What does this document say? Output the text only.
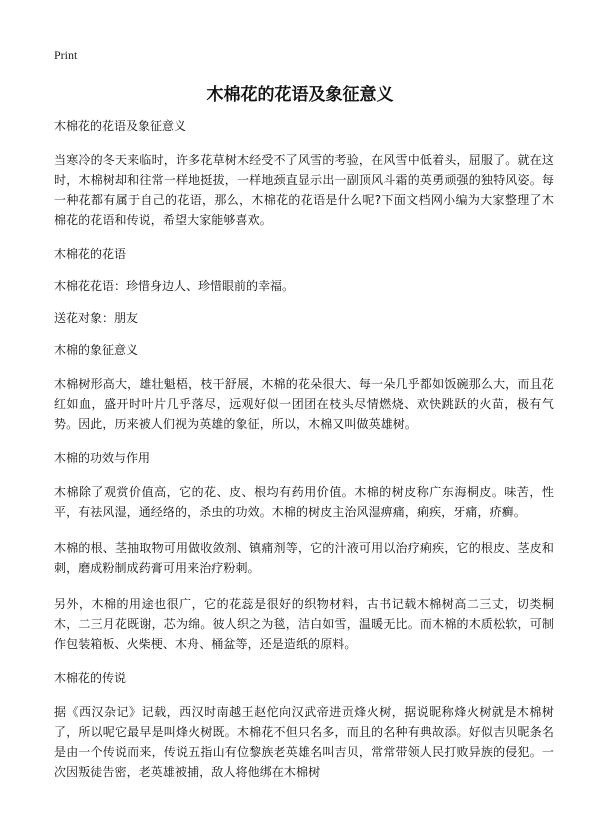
Print
木棉花的花语及象征意义

木棉花的花语及象征意义

当寒冷的冬天来临时，许多花草树木经受不了风雪的考验，在风雪中低着头，屈服了。就在这时，木棉树却和往常一样地挺拔，一样地颈直显示出一副顶风斗霜的英勇顽强的独特风姿。每一种花都有属于自己的花语，那么，木棉花的花语是什么呢?下面文档网小编为大家整理了木棉花的花语和传说，希望大家能够喜欢。

木棉花的花语

木棉花花语：珍惜身边人、珍惜眼前的幸福。

送花对象：朋友

木棉的象征意义

木棉树形高大，雄壮魁梧，枝干舒展，木棉的花朵很大、每一朵几乎都如饭碗那么大，而且花红如血，盛开时叶片几乎落尽，远观好似一团团在枝头尽情燃烧、欢快跳跃的火苗，极有气势。因此，历来被人们视为英雄的象征，所以，木棉又叫做英雄树。

木棉的功效与作用

木棉除了观赏价值高，它的花、皮、根均有药用价值。木棉的树皮称广东海桐皮。味苦，性平，有祛风湿，通经络的，杀虫的功效。木棉的树皮主治风湿痹痛，痢疾，牙痛，疥癣。

木棉的根、茎抽取物可用做收敛剂、镇痛剂等，它的汁液可用以治疗痢疾，它的根皮、茎皮和刺，磨成粉制成药膏可用来治疗粉刺。

另外，木棉的用途也很广，它的花蕊是很好的织物材料，古书记载木棉树高二三丈，切类桐木，二三月花既谢，芯为绵。彼人织之为毯，洁白如雪，温暖无比。而木棉的木质松软，可制作包装箱板、火柴梗、木舟、桶盆等，还是造纸的原料。

木棉花的传说

据《西汉杂记》记载，西汉时南越王赵佗向汉武帝进贡烽火树，据说昵称烽火树就是木棉树了，所以呢它最早是叫烽火树既。木棉花不但只名多，而且的名种有典故添。好似吉贝昵条名是由一个传说而来，传说五指山有位黎族老英雄名叫吉贝，常常带领人民打败异族的侵犯。一次因叛徒告密，老英雄被捕，敌人将他绑在木棉树
